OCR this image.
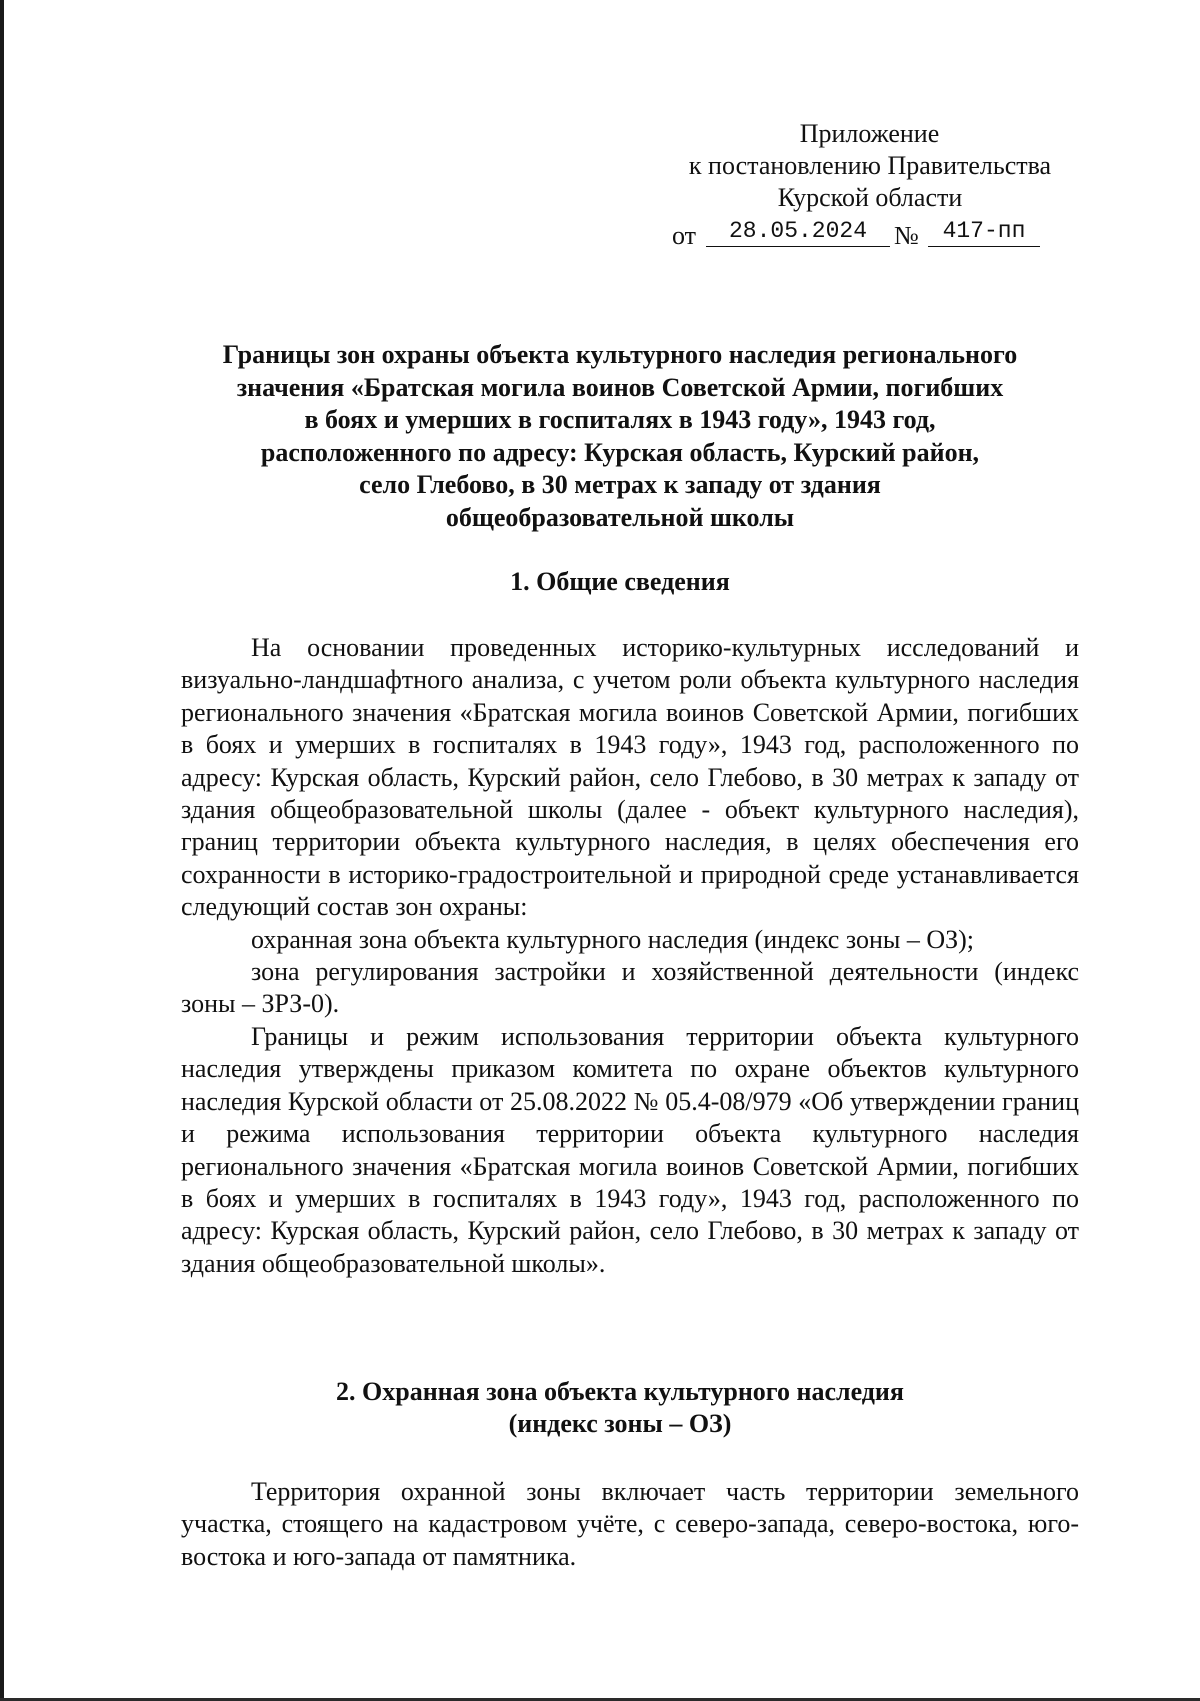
Приложение
к постановлению Правительства
Курской области
от	28.05.2024	№	417-пп
Границы зон охраны объекта культурного наследия регионального
значения «Братская могила воинов Советской Армии, погибших
в боях и умерших в госпиталях в 1943 году», 1943 год,
расположенного по адресу: Курская область, Курский район,
село Глебово, в 30 метрах к западу от здания
общеобразовательной школы
1. Общие сведения

На основании проведенных историко-культурных исследований и визуально-ландшафтного анализа, с учетом роли объекта культурного наследия регионального значения «Братская могила воинов Советской Армии, погибших в боях и умерших в госпиталях в 1943 году», 1943 год, расположенного по адресу: Курская область, Курский район, село Глебово, в 30 метрах к западу от здания общеобразовательной школы (далее - объект культурного наследия), границ территории объекта культурного наследия, в целях обеспечения его сохранности в историко-градостроительной и природной среде устанавливается следующий состав зон охраны:

охранная зона объекта культурного наследия (индекс зоны – ОЗ);

зона регулирования застройки и хозяйственной деятельности (индекс зоны – ЗРЗ-0).

Границы и режим использования территории объекта культурного наследия утверждены приказом комитета по охране объектов культурного наследия Курской области от 25.08.2022 № 05.4-08/979 «Об утверждении границ и режима использования территории объекта культурного наследия регионального значения «Братская могила воинов Советской Армии, погибших в боях и умерших в госпиталях в 1943 году», 1943 год, расположенного по адресу: Курская область, Курский район, село Глебово, в 30 метрах к западу от здания общеобразовательной школы».

2. Охранная зона объекта культурного наследия
(индекс зоны – ОЗ)

Территория охранной зоны включает часть территории земельного участка, стоящего на кадастровом учёте, с северо-запада, северо-востока, юго-востока и юго-запада от памятника.
